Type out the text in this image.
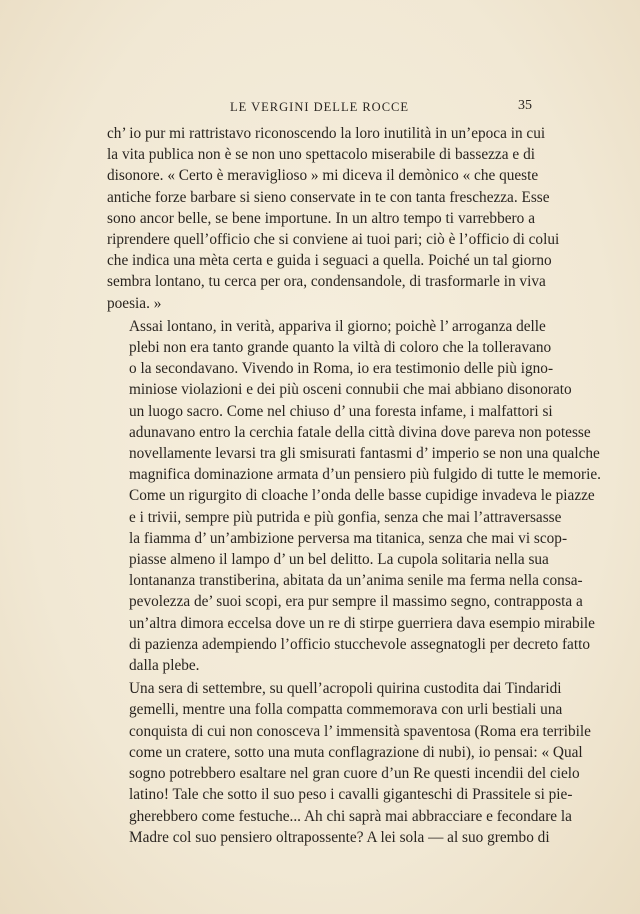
LE VERGINI DELLE ROCCE	35

ch’ io pur mi rattristavo riconoscendo la loro inutilità in un’epoca in cui
la vita publica non è se non uno spettacolo miserabile di bassezza e di
disonore. « Certo è meraviglioso » mi diceva il demònico « che queste
antiche forze barbare si sieno conservate in te con tanta freschezza. Esse
sono ancor belle, se bene importune. In un altro tempo ti varrebbero a
riprendere quell’officio che si conviene ai tuoi pari; ciò è l’officio di colui
che indica una mèta certa e guida i seguaci a quella. Poiché un tal giorno
sembra lontano, tu cerca per ora, condensandole, di trasformarle in viva
poesia. »

Assai lontano, in verità, appariva il giorno; poichè l’ arroganza delle
plebi non era tanto grande quanto la viltà di coloro che la tolleravano
o la secondavano. Vivendo in Roma, io era testimonio delle più igno-
miniose violazioni e dei più osceni connubii che mai abbiano disonorato
un luogo sacro. Come nel chiuso d’ una foresta infame, i malfattori si
adunavano entro la cerchia fatale della città divina dove pareva non potesse
novellamente levarsi tra gli smisurati fantasmi d’ imperio se non una qualche
magnifica dominazione armata d’un pensiero più fulgido di tutte le memorie.
Come un rigurgito di cloache l’onda delle basse cupidige invadeva le piazze
e i trivii, sempre più putrida e più gonfia, senza che mai l’attraversasse
la fiamma d’ un’ambizione perversa ma titanica, senza che mai vi scop-
piasse almeno il lampo d’ un bel delitto. La cupola solitaria nella sua
lontananza transtiberina, abitata da un’anima senile ma ferma nella consa-
pevolezza de’ suoi scopi, era pur sempre il massimo segno, contrapposta a
un’altra dimora eccelsa dove un re di stirpe guerriera dava esempio mirabile
di pazienza adempiendo l’officio stucchevole assegnatogli per decreto fatto
dalla plebe.

Una sera di settembre, su quell’acropoli quirina custodita dai Tindaridi
gemelli, mentre una folla compatta commemorava con urli bestiali una
conquista di cui non conosceva l’ immensità spaventosa (Roma era terribile
come un cratere, sotto una muta conflagrazione di nubi), io pensai: « Qual
sogno potrebbero esaltare nel gran cuore d’un Re questi incendii del cielo
latino! Tale che sotto il suo peso i cavalli giganteschi di Prassitele si pie-
gherebbero come festuche... Ah chi saprà mai abbracciare e fecondare la
Madre col suo pensiero oltrapossente? A lei sola — al suo grembo di
